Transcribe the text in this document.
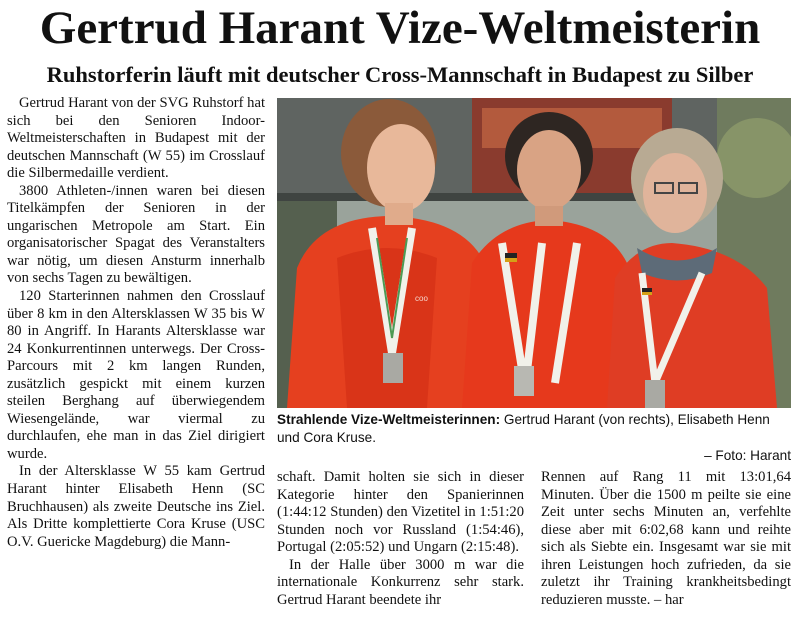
Gertrud Harant Vize-Weltmeisterin
Ruhstorferin läuft mit deutscher Cross-Mannschaft in Budapest zu Silber

Gertrud Harant von der SVG Ruhstorf hat sich bei den Senioren Indoor-Weltmeisterschaften in Budapest mit der deutschen Mannschaft (W 55) im Crosslauf die Silbermedaille verdient.

3800 Athleten-/innen waren bei diesen Titelkämpfen der Senioren in der ungarischen Metropole am Start. Ein organisatorischer Spagat des Veranstalters war nötig, um diesen Ansturm innerhalb von sechs Tagen zu bewältigen.

120 Starterinnen nahmen den Crosslauf über 8 km in den Altersklassen W 35 bis W 80 in Angriff. In Harants Altersklasse war 24 Konkurrentinnen unterwegs. Der Cross-Parcours mit 2 km langen Runden, zusätzlich gespickt mit einem kurzen steilen Berghang auf überwiegendem Wiesengelände, war viermal zu durchlaufen, ehe man in das Ziel dirigiert wurde.

In der Altersklasse W 55 kam Gertrud Harant hinter Elisabeth Henn (SC Bruchhausen) als zweite Deutsche ins Ziel. Als Dritte komplettierte Cora Kruse (USC O.V. Guericke Magdeburg) die Mann-

coo
Strahlende Vize-Weltmeisterinnen: Gertrud Harant (von rechts), Elisabeth Henn und Cora Kruse.
– Foto: Harant

schaft. Damit holten sie sich in dieser Kategorie hinter den Spanierinnen (1:44:12 Stunden) den Vizetitel in 1:51:20 Stunden noch vor Russland (1:54:46), Portugal (2:05:52) und Ungarn (2:15:48).

In der Halle über 3000 m war die internationale Konkurrenz sehr stark. Gertrud Harant beendete ihr

Rennen auf Rang 11 mit 13:01,64 Minuten. Über die 1500 m peilte sie eine Zeit unter sechs Minuten an, verfehlte diese aber mit 6:02,68 kann und reihte sich als Siebte ein. Insgesamt war sie mit ihren Leistungen hoch zufrieden, da sie zuletzt ihr Training krankheitsbedingt reduzieren musste. – har
